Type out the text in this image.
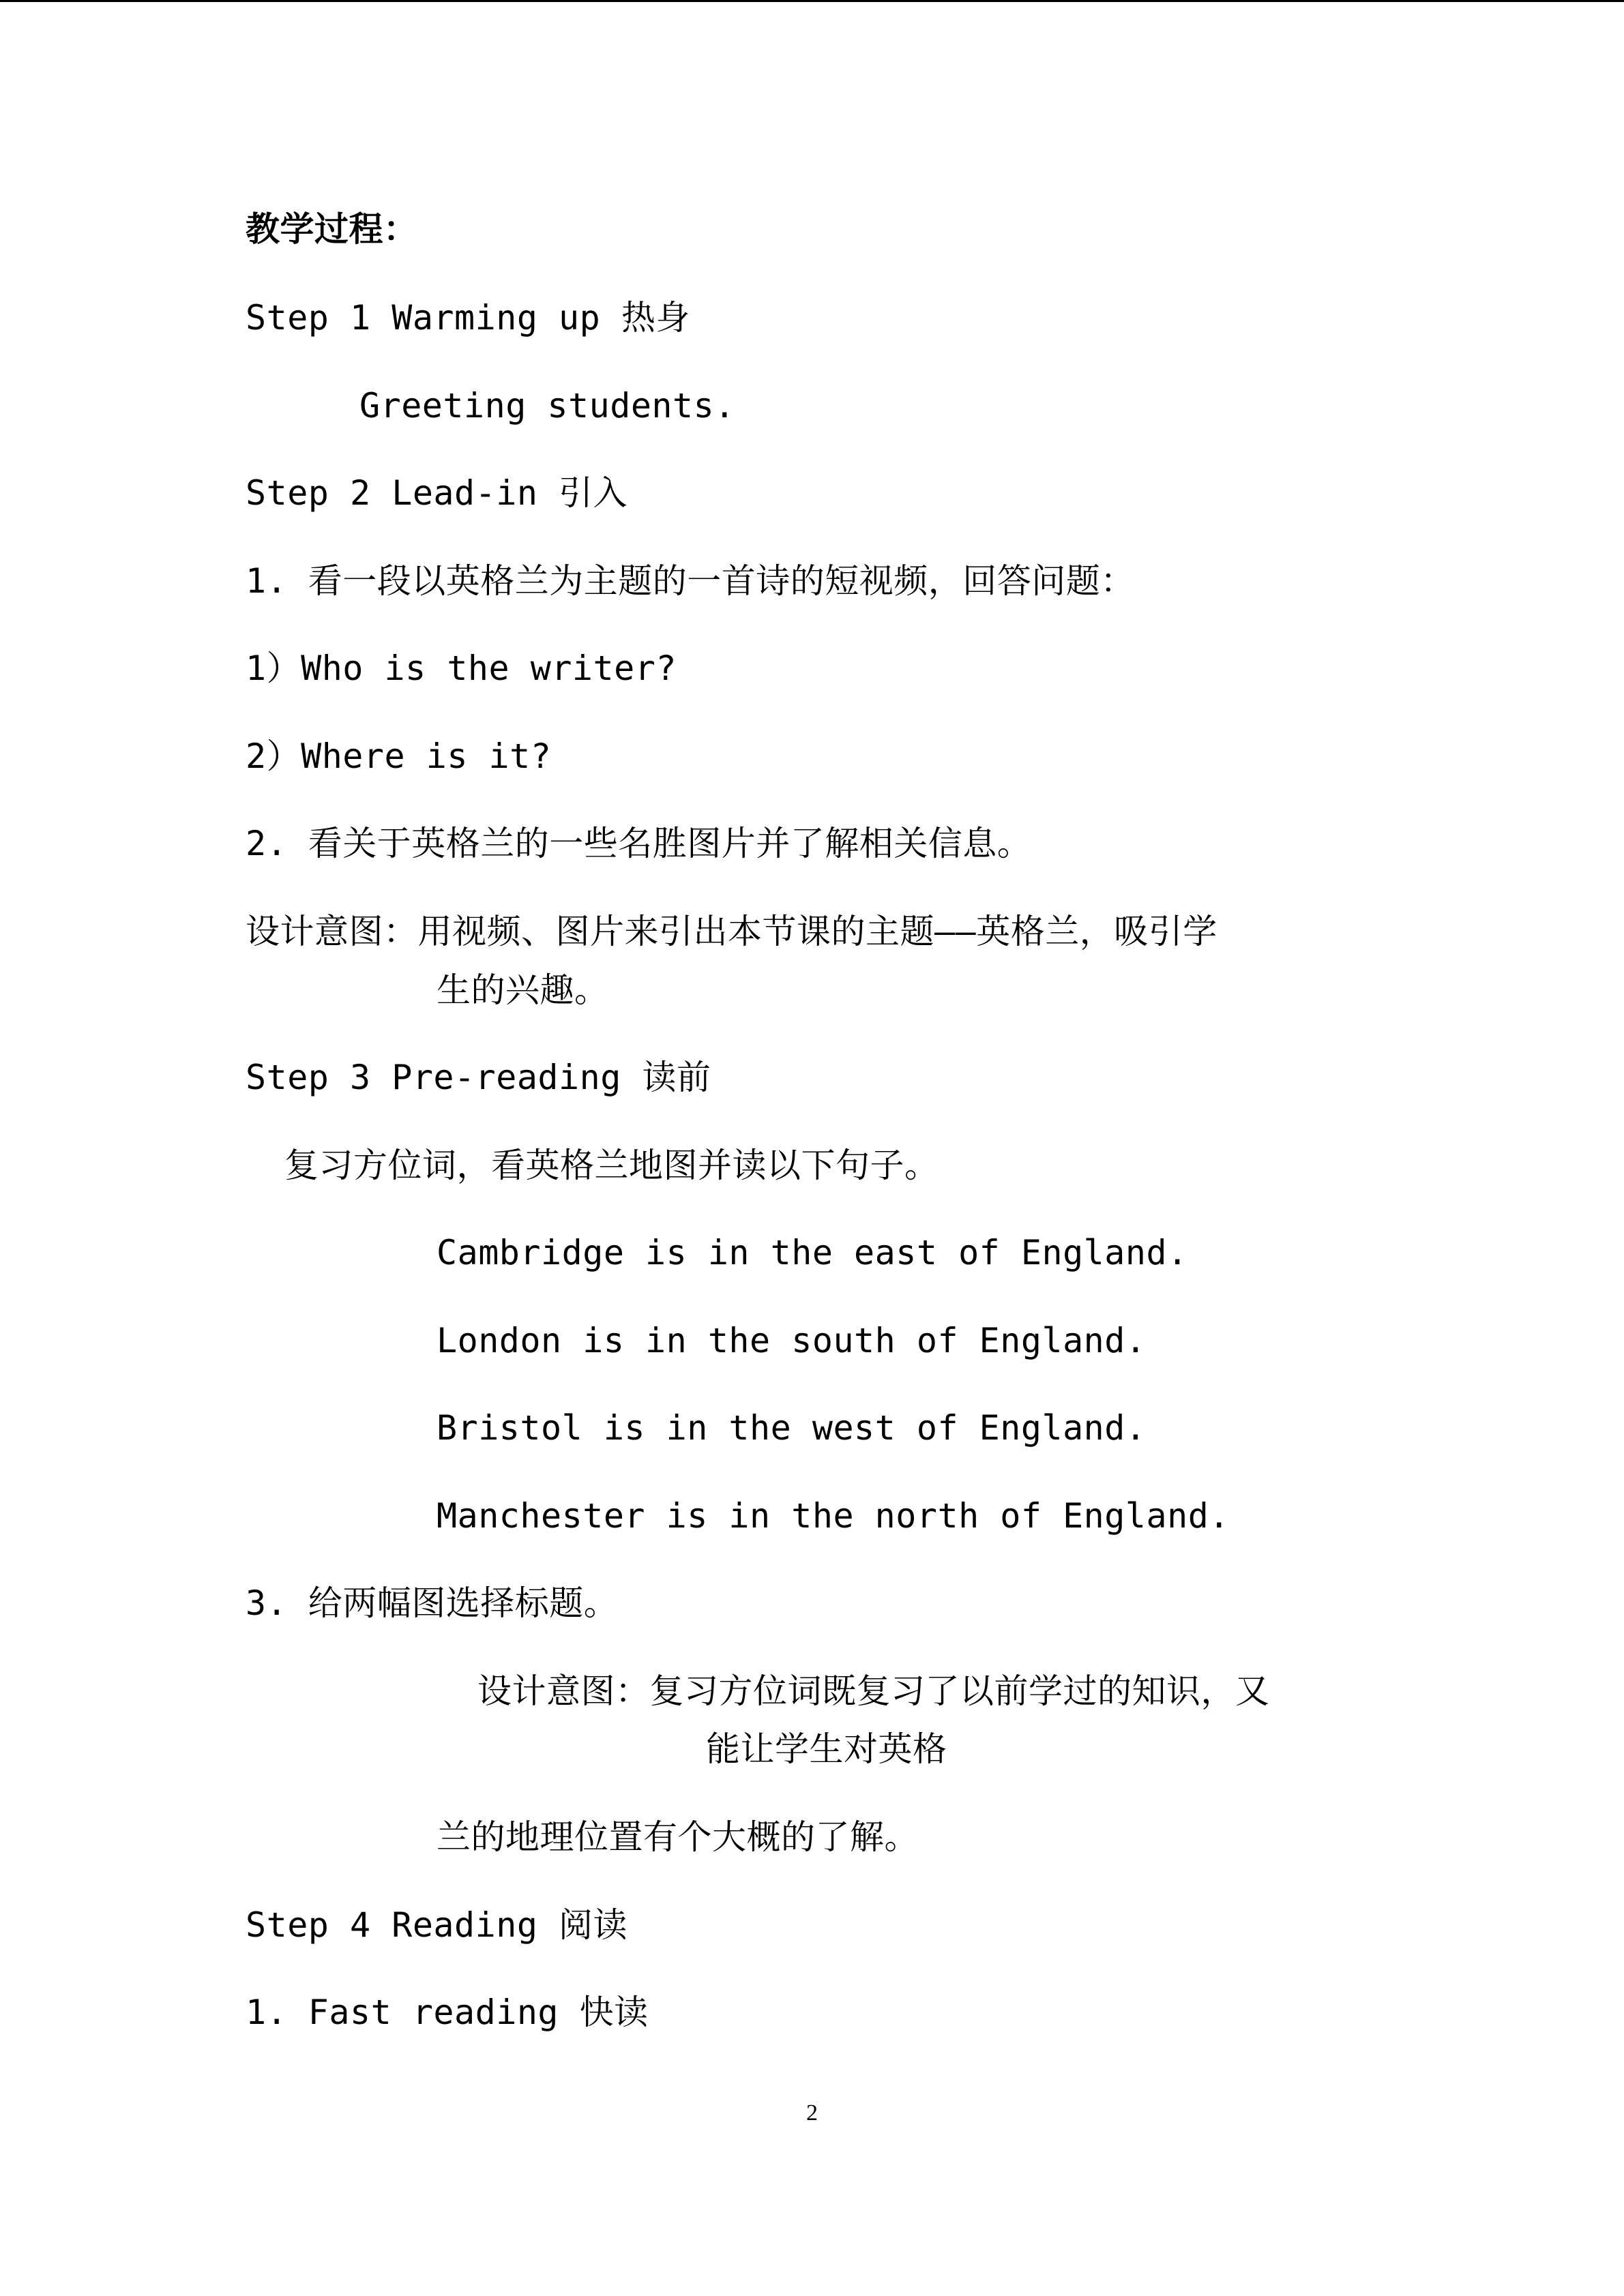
教学过程：
Step 1 Warming up 热身
Greeting students.
Step 2 Lead-in 引入
1. 看一段以英格兰为主题的一首诗的短视频，回答问题：
1）Who is the writer?
2）Where is it?
2. 看关于英格兰的一些名胜图片并了解相关信息。
设计意图：用视频、图片来引出本节课的主题——英格兰，吸引学
生的兴趣。
Step 3 Pre-reading 读前
复习方位词，看英格兰地图并读以下句子。
Cambridge is in the east of England.
London is in the south of England.
Bristol is in the west of England.
Manchester is in the north of England.
3. 给两幅图选择标题。
设计意图：复习方位词既复习了以前学过的知识，又
能让学生对英格
兰的地理位置有个大概的了解。
Step 4 Reading 阅读
1. Fast reading 快读
2
